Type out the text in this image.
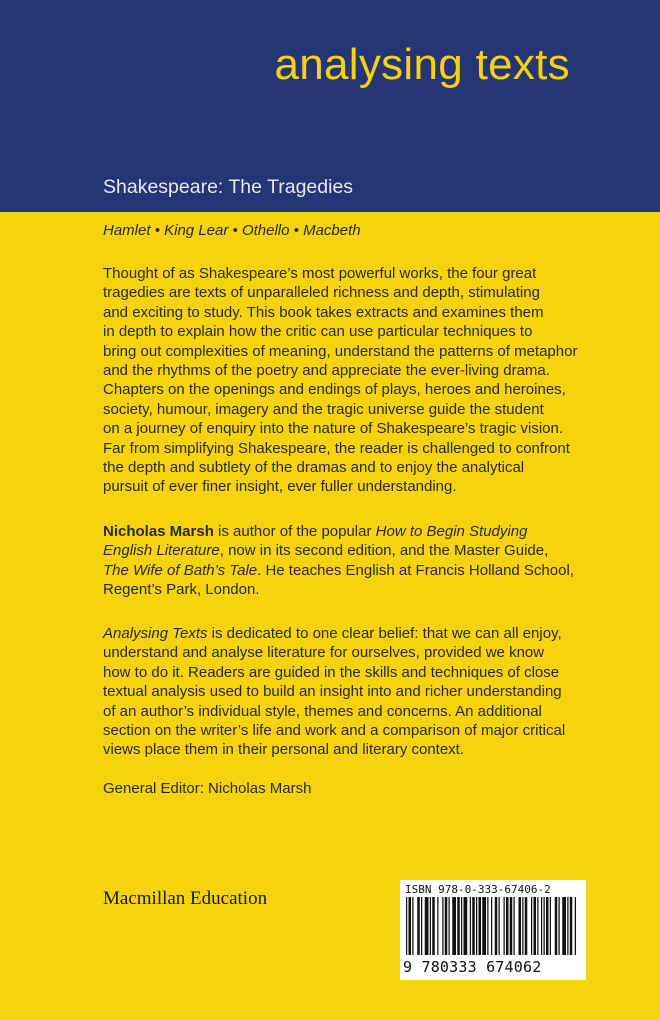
analysing texts
Shakespeare: The Tragedies
Hamlet • King Lear • Othello • Macbeth
Thought of as Shakespeare’s most powerful works, the four great
tragedies are texts of unparalleled richness and depth, stimulating
and exciting to study. This book takes extracts and examines them
in depth to explain how the critic can use particular techniques to
bring out complexities of meaning, understand the patterns of metaphor
and the rhythms of the poetry and appreciate the ever-living drama.
Chapters on the openings and endings of plays, heroes and heroines,
society, humour, imagery and the tragic universe guide the student
on a journey of enquiry into the nature of Shakespeare’s tragic vision.
Far from simplifying Shakespeare, the reader is challenged to confront
the depth and subtlety of the dramas and to enjoy the analytical
pursuit of ever finer insight, ever fuller understanding.
Nicholas Marsh is author of the popular How to Begin Studying
English Literature, now in its second edition, and the Master Guide,
The Wife of Bath’s Tale. He teaches English at Francis Holland School,
Regent’s Park, London.
Analysing Texts is dedicated to one clear belief: that we can all enjoy,
understand and analyse literature for ourselves, provided we know
how to do it. Readers are guided in the skills and techniques of close
textual analysis used to build an insight into and richer understanding
of an author’s individual style, themes and concerns. An additional
section on the writer’s life and work and a comparison of major critical
views place them in their personal and literary context.
General Editor: Nicholas Marsh
Macmillan Education	ISBN 978-0-333-67406-2
9 780333 674062
